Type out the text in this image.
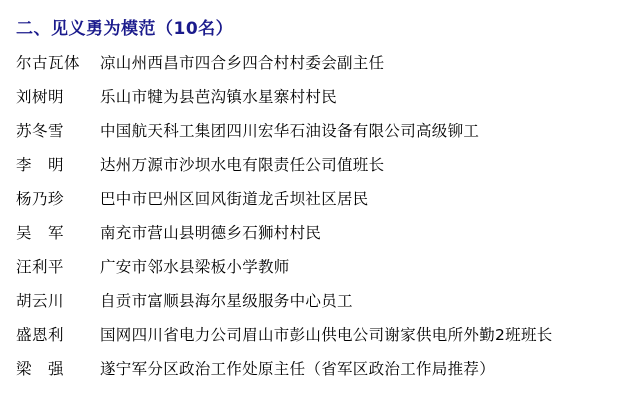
二、见义勇为模范（10名）
尔古瓦体	凉山州西昌市四合乡四合村村委会副主任
刘树明	乐山市犍为县芭沟镇水星寨村村民
苏冬雪	中国航天科工集团四川宏华石油设备有限公司高级铆工
李　明	达州万源市沙坝水电有限责任公司值班长
杨乃珍	巴中市巴州区回风街道龙舌坝社区居民
吴　军	南充市营山县明德乡石狮村村民
汪利平	广安市邻水县梁板小学教师
胡云川	自贡市富顺县海尔星级服务中心员工
盛恩利	国网四川省电力公司眉山市彭山供电公司谢家供电所外勤2班班长
梁　强	遂宁军分区政治工作处原主任（省军区政治工作局推荐）
